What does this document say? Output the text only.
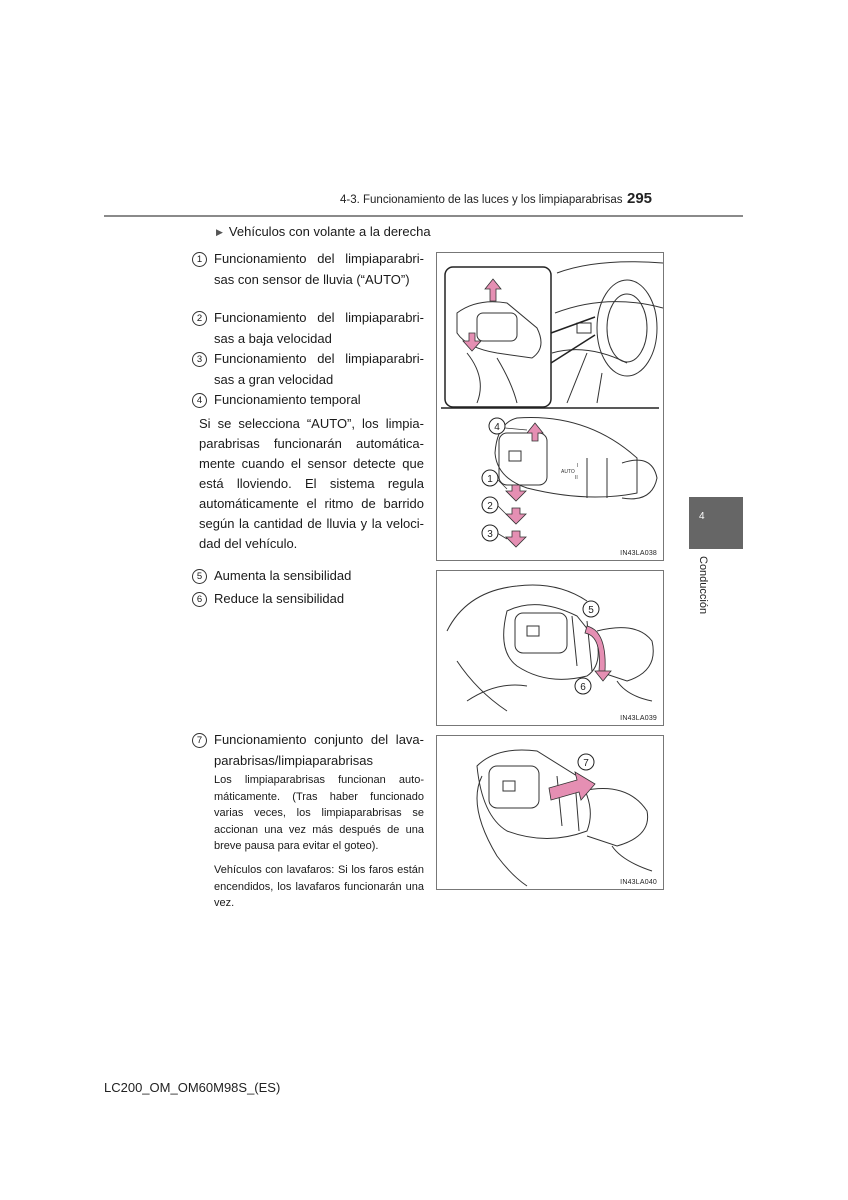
4-3. Funcionamiento de las luces y los limpiaparabrisas 295
▶ Vehículos con volante a la derecha
1 Funcionamiento del limpiaparabrisas con sensor de lluvia (“AUTO”)
2 Funcionamiento del limpiaparabrisas a baja velocidad
3 Funcionamiento del limpiaparabrisas a gran velocidad
4 Funcionamiento temporal
Si se selecciona “AUTO”, los limpiaparabrisas funcionarán automáticamente cuando el sensor detecte que está lloviendo. El sistema regula automáticamente el ritmo de barrido según la cantidad de lluvia y la velocidad del vehículo.
5 Aumenta la sensibilidad
6 Reduce la sensibilidad
7 Funcionamiento conjunto del lavaparabrisas/limpiaparabrisas
Los limpiaparabrisas funcionan automáticamente. (Tras haber funcionado varias veces, los limpiaparabrisas se accionan una vez más después de una breve pausa para evitar el goteo).
Vehículos con lavafaros: Si los faros están encendidos, los lavafaros funcionarán una vez.
AUTO
I
II
4
1
2
3
IN43LA038
5
6
IN43LA039
7
IN43LA040
4
Conducción
LC200_OM_OM60M98S_(ES)
